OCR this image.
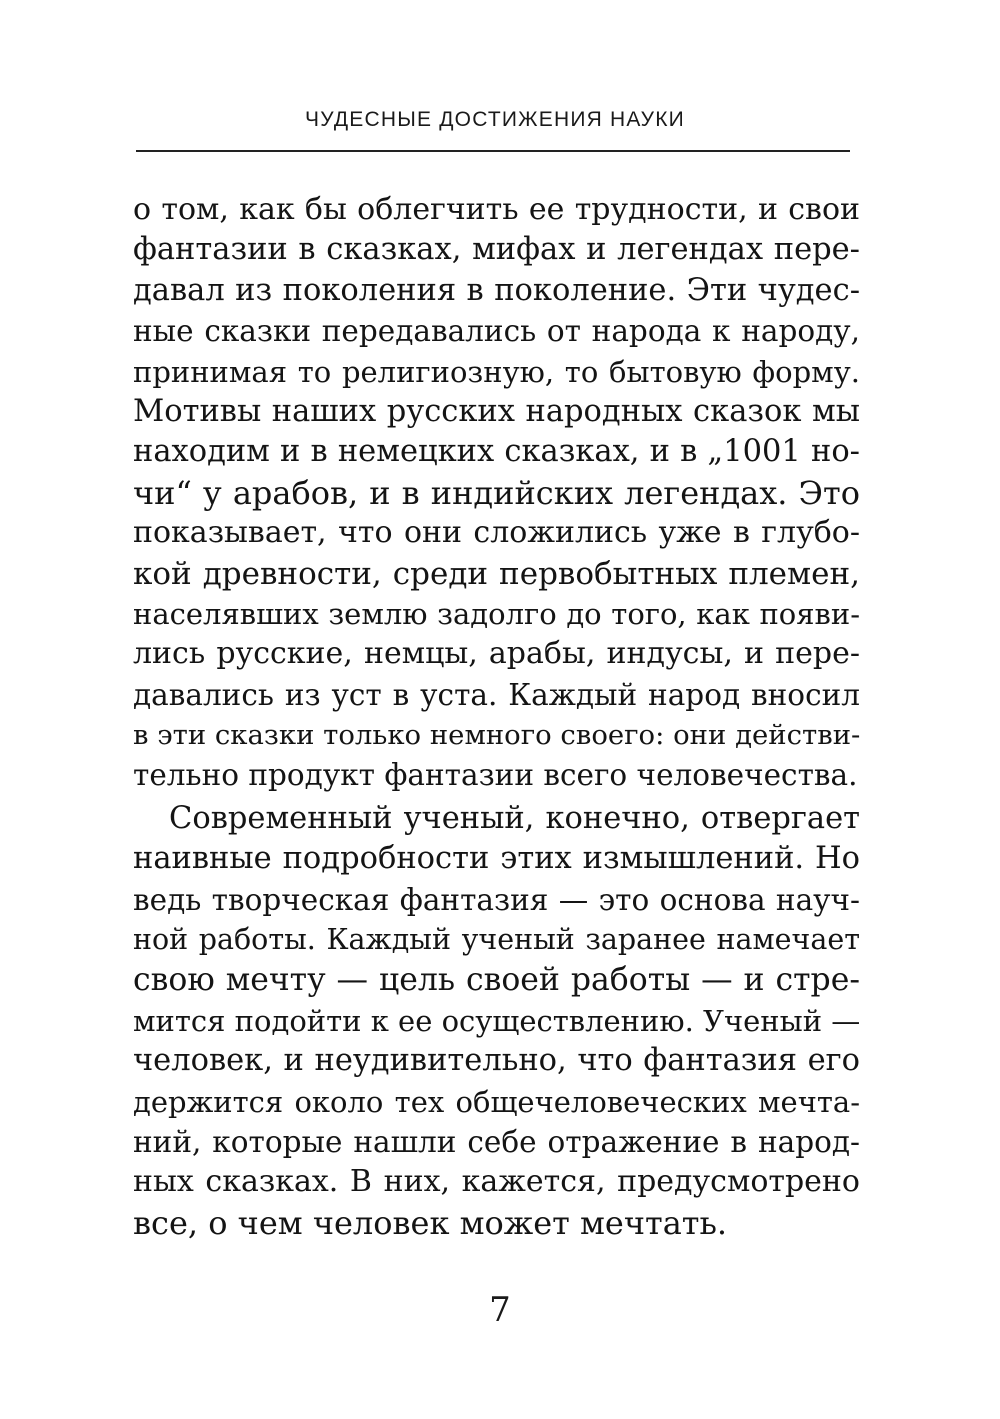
ЧУДЕСНЫЕ ДОСТИЖЕНИЯ НАУКИ
о том, как бы облегчить ее трудности, и свои
фантазии в сказках, мифах и легендах пере-
давал из поколения в поколение. Эти чудес-
ные сказки передавались от народа к народу,
принимая то религиозную, то бытовую форму.
Мотивы наших русских народных сказок мы
находим и в немецких сказках, и в „1001 но-
чи“ у арабов, и в индийских легендах. Это
показывает, что они сложились уже в глубо-
кой древности, среди первобытных племен,
населявших землю задолго до того, как появи-
лись русские, немцы, арабы, индусы, и пере-
давались из уст в уста. Каждый народ вносил
в эти сказки только немного своего: они действи-
тельно продукт фантазии всего человечества.
Современный ученый, конечно, отвергает
наивные подробности этих измышлений. Но
ведь творческая фантазия — это основа науч-
ной работы. Каждый ученый заранее намечает
свою мечту — цель своей работы — и стре-
мится подойти к ее осуществлению. Ученый —
человек, и неудивительно, что фантазия его
держится около тех общечеловеческих мечта-
ний, которые нашли себе отражение в народ-
ных сказках. В них, кажется, предусмотрено
все, о чем человек может мечтать.
7
